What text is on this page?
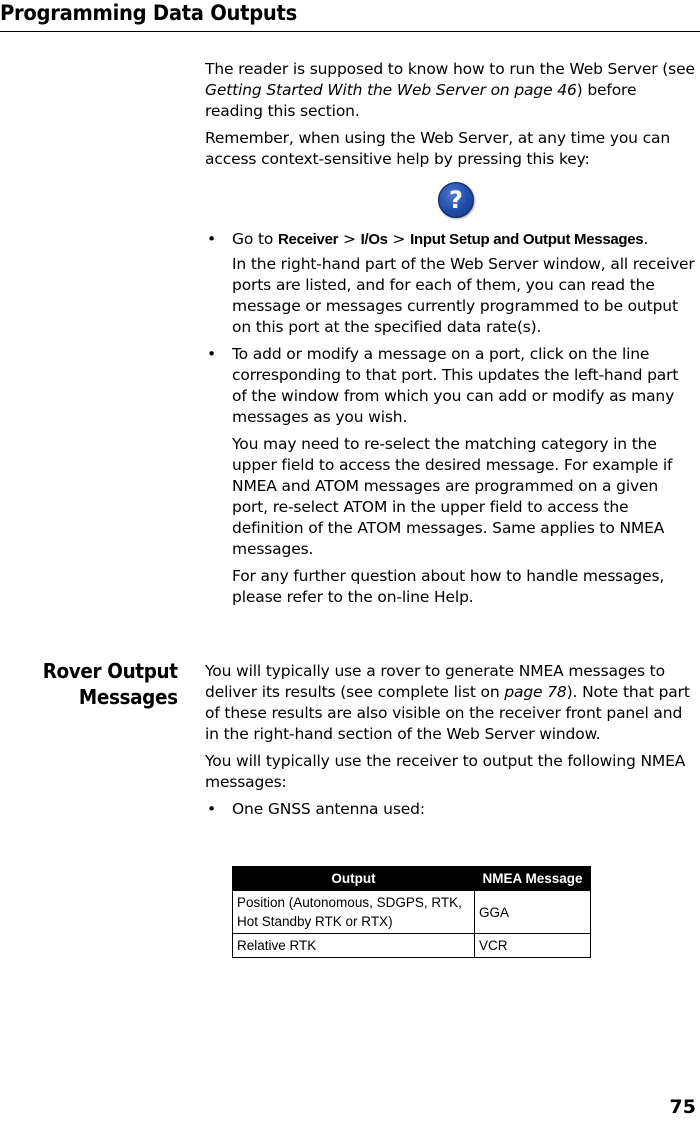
Programming Data Outputs

The reader is supposed to know how to run the Web Server (see Getting Started With the Web Server on page 46) before reading this section.

Remember, when using the Web Server, at any time you can access context-sensitive help by pressing this key:

?
• Go to Receiver > I/Os > Input Setup and Output Messages.

In the right-hand part of the Web Server window, all receiver ports are listed, and for each of them, you can read the message or messages currently programmed to be output on this port at the specified data rate(s).

• To add or modify a message on a port, click on the line corresponding to that port. This updates the left-hand part of the window from which you can add or modify as many messages as you wish.

You may need to re-select the matching category in the upper field to access the desired message. For example if NMEA and ATOM messages are programmed on a given port, re-select ATOM in the upper field to access the definition of the ATOM messages. Same applies to NMEA messages.

For any further question about how to handle messages, please refer to the on-line Help.

Rover Output
Messages

You will typically use a rover to generate NMEA messages to deliver its results (see complete list on page 78). Note that part of these results are also visible on the receiver front panel and in the right-hand section of the Web Server window.

You will typically use the receiver to output the following NMEA messages:

• One GNSS antenna used:
Output	NMEA Message
Position (Autonomous, SDGPS, RTK, Hot Standby RTK or RTX)	GGA
Relative RTK	VCR
75
